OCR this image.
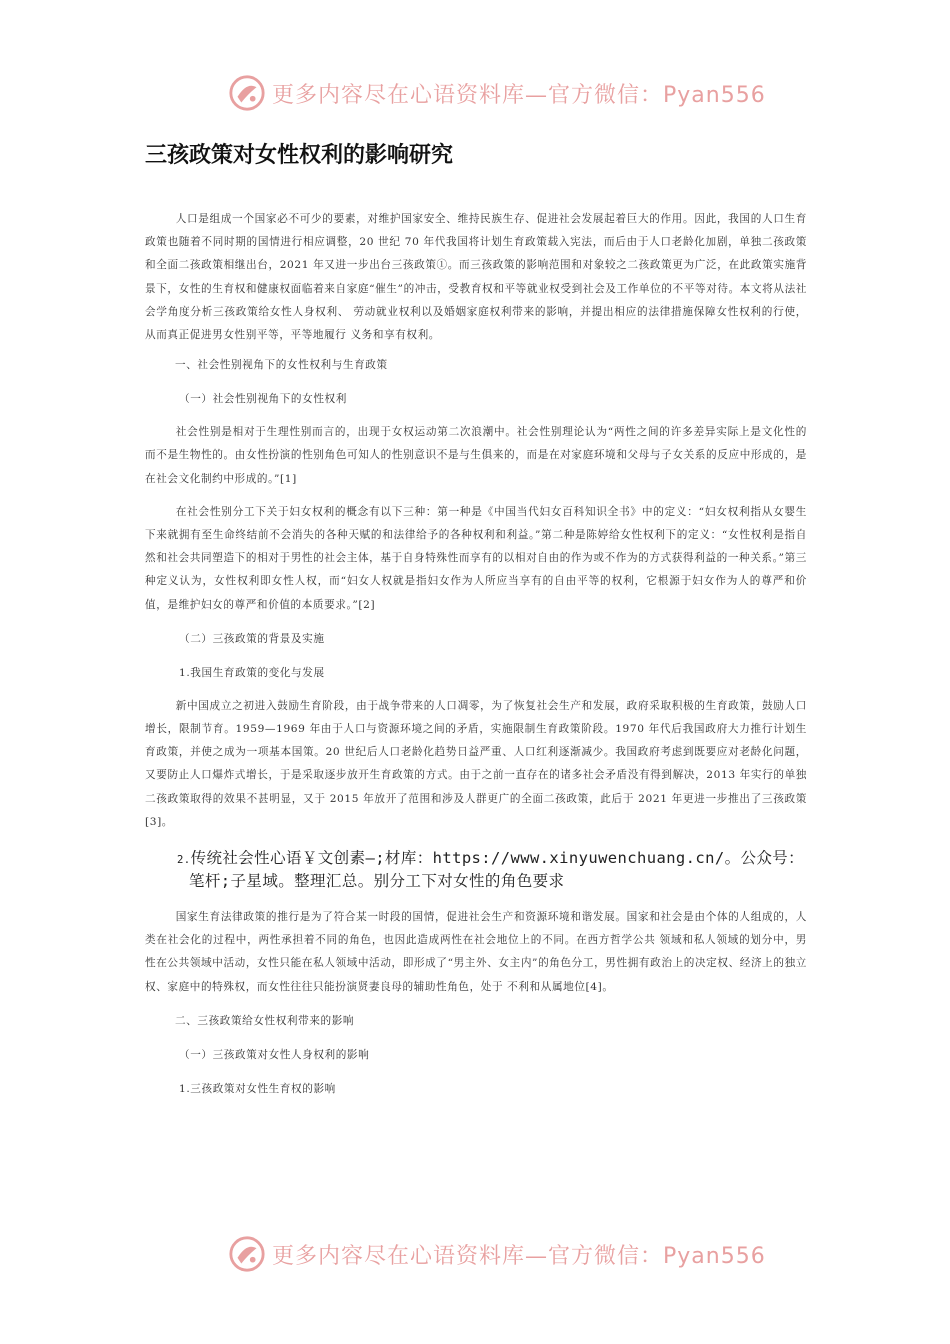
更多内容尽在心语资料库—官方微信：Pyan556
三孩政策对女性权利的影响研究

人口是组成一个国家必不可少的要素，对维护国家安全、维持民族生存、促进社会发展起着巨大的作用。因此，我国的人口生育政策也随着不同时期的国情进行相应调整，20 世纪 70 年代我国将计划生育政策载入宪法，而后由于人口老龄化加剧，单独二孩政策和全面二孩政策相继出台，2021 年又进一步出台三孩政策①。而三孩政策的影响范围和对象较之二孩政策更为广泛，在此政策实施背景下，女性的生育权和健康权面临着来自家庭“催生”的冲击，受教育权和平等就业权受到社会及工作单位的不平等对待。本文将从法社会学角度分析三孩政策给女性人身权利、 劳动就业权利以及婚姻家庭权利带来的影响，并提出相应的法律措施保障女性权利的行使，从而真正促进男女性别平等，平等地履行 义务和享有权利。

一、社会性别视角下的女性权利与生育政策

（一）社会性别视角下的女性权利

社会性别是相对于生理性别而言的，出现于女权运动第二次浪潮中。社会性别理论认为“两性之间的许多差异实际上是文化性的而不是生物性的。由女性扮演的性别角色可知人的性别意识不是与生俱来的，而是在对家庭环境和父母与子女关系的反应中形成的，是在社会文化制约中形成的。”[1]

在社会性别分工下关于妇女权利的概念有以下三种：第一种是《中国当代妇女百科知识全书》中的定义：“妇女权利指从女婴生下来就拥有至生命终结前不会消失的各种天赋的和法律给予的各种权利和利益。”第二种是陈婷给女性权利下的定义：“女性权利是指自然和社会共同塑造下的相对于男性的社会主体，基于自身特殊性而享有的以相对自由的作为或不作为的方式获得利益的一种关系。”第三种定义认为，女性权利即女性人权，而“妇女人权就是指妇女作为人所应当享有的自由平等的权利，它根源于妇女作为人的尊严和价值，是维护妇女的尊严和价值的本质要求。”[2]

（二）三孩政策的背景及实施

1.我国生育政策的变化与发展

新中国成立之初进入鼓励生育阶段，由于战争带来的人口凋零，为了恢复社会生产和发展，政府采取积极的生育政策，鼓励人口增长，限制节育。1959—1969 年由于人口与资源环境之间的矛盾，实施限制生育政策阶段。1970 年代后我国政府大力推行计划生育政策，并使之成为一项基本国策。20 世纪后人口老龄化趋势日益严重、人口红利逐渐减少。我国政府考虑到既要应对老龄化问题，又要防止人口爆炸式增长，于是采取逐步放开生育政策的方式。由于之前一直存在的诸多社会矛盾没有得到解决，2013 年实行的单独二孩政策取得的效果不甚明显，又于 2015 年放开了范围和涉及人群更广的全面二孩政策，此后于 2021 年更进一步推出了三孩政策[3]。

2.传统社会性心语￥文创素—;材库：https://www.xinyuwenchuang.cn/。公众号：
笔杆;子星域。整理汇总。别分工下对女性的角色要求

国家生育法律政策的推行是为了符合某一时段的国情，促进社会生产和资源环境和谐发展。国家和社会是由个体的人组成的，人类在社会化的过程中，两性承担着不同的角色，也因此造成两性在社会地位上的不同。在西方哲学公共 领域和私人领域的划分中，男性在公共领域中活动，女性只能在私人领域中活动，即形成了“男主外、女主内”的角色分工，男性拥有政治上的决定权、经济上的独立权、家庭中的特殊权，而女性往往只能扮演贤妻良母的辅助性角色，处于 不利和从属地位[4]。

二、三孩政策给女性权利带来的影响

（一）三孩政策对女性人身权利的影响

1.三孩政策对女性生育权的影响

更多内容尽在心语资料库—官方微信：Pyan556
